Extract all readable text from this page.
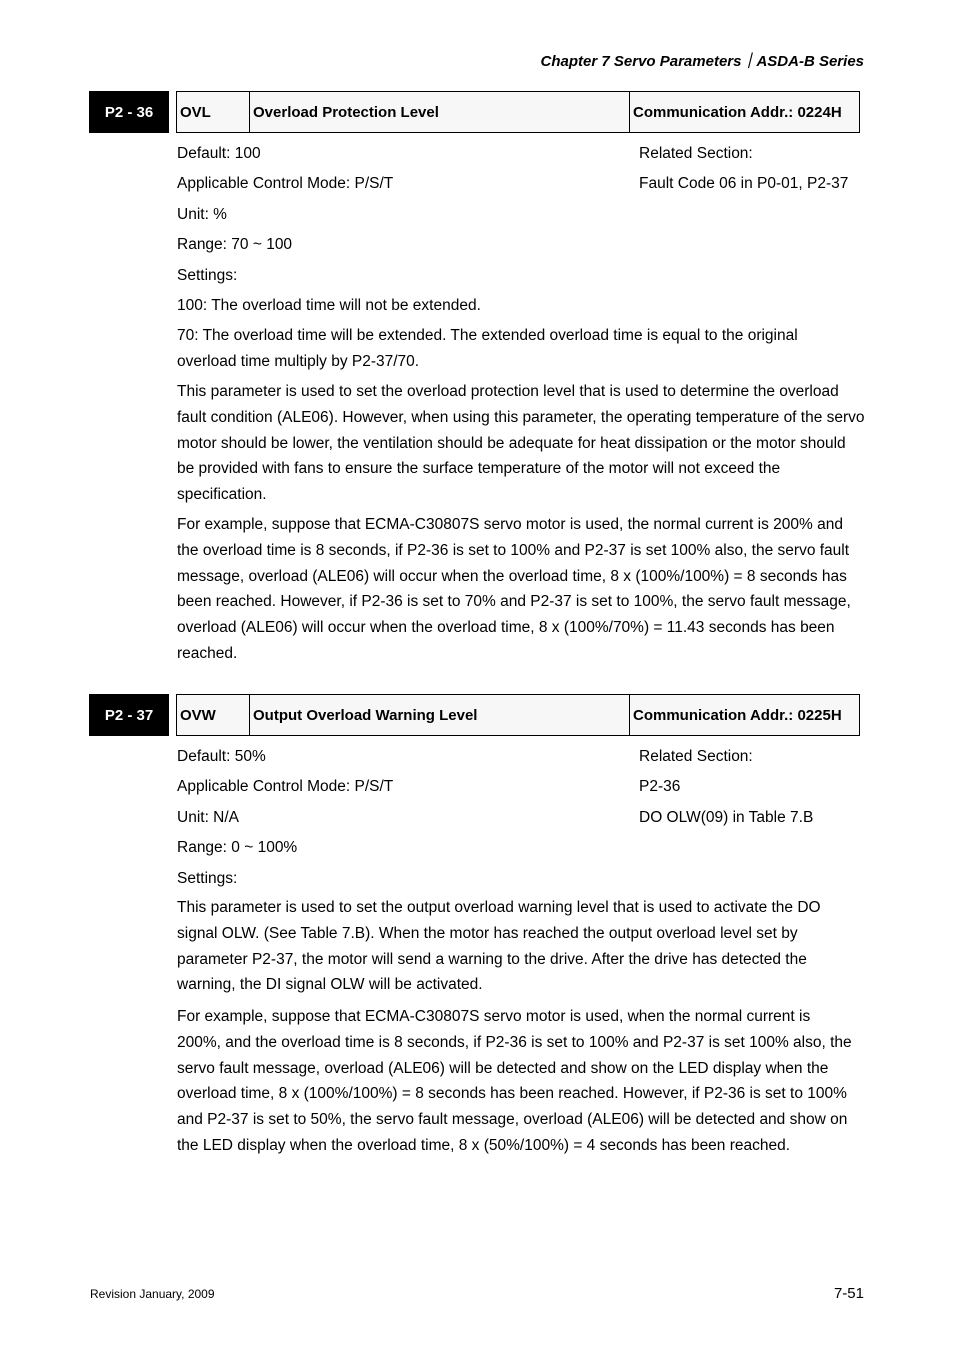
Chapter 7 Servo Parameters｜ASDA-B Series
P2 - 36	OVL	Overload Protection Level	Communication Addr.: 0224H
Default: 100
Applicable Control Mode: P/S/T
Unit: %
Range: 70 ~ 100
Settings:
100: The overload time will not be extended.
Related Section:
Fault Code 06 in P0-01, P2-37
70: The overload time will be extended. The extended overload time is equal to the original overload time multiply by P2-37/70.
This parameter is used to set the overload protection level that is used to determine the overload fault condition (ALE06). However, when using this parameter, the operating temperature of the servo motor should be lower, the ventilation should be adequate for heat dissipation or the motor should be provided with fans to ensure the surface temperature of the motor will not exceed the specification.
For example, suppose that ECMA-C30807S servo motor is used, the normal current is 200% and the overload time is 8 seconds, if P2-36 is set to 100% and P2-37 is set 100% also, the servo fault message, overload (ALE06) will occur when the overload time, 8 x (100%/100%) = 8 seconds has been reached. However, if P2-36 is set to 70% and P2-37 is set to 100%, the servo fault message, overload (ALE06) will occur when the overload time, 8 x (100%/70%) = 11.43 seconds has been reached.
P2 - 37	OVW	Output Overload Warning Level	Communication Addr.: 0225H
Default: 50%
Applicable Control Mode: P/S/T
Unit: N/A
Range: 0 ~ 100%
Settings:
Related Section:
P2-36
DO OLW(09) in Table 7.B
This parameter is used to set the output overload warning level that is used to activate the DO signal OLW. (See Table 7.B). When the motor has reached the output overload level set by parameter P2-37, the motor will send a warning to the drive. After the drive has detected the warning, the DI signal OLW will be activated.
For example, suppose that ECMA-C30807S servo motor is used, when the normal current is 200%, and the overload time is 8 seconds, if P2-36 is set to 100% and P2-37 is set 100% also, the servo fault message, overload (ALE06) will be detected and show on the LED display when the overload time, 8 x (100%/100%) = 8 seconds has been reached. However, if P2-36 is set to 100% and P2-37 is set to 50%, the servo fault message, overload (ALE06) will be detected and show on the LED display when the overload time, 8 x (50%/100%) = 4 seconds has been reached.
Revision January, 2009	7-51
